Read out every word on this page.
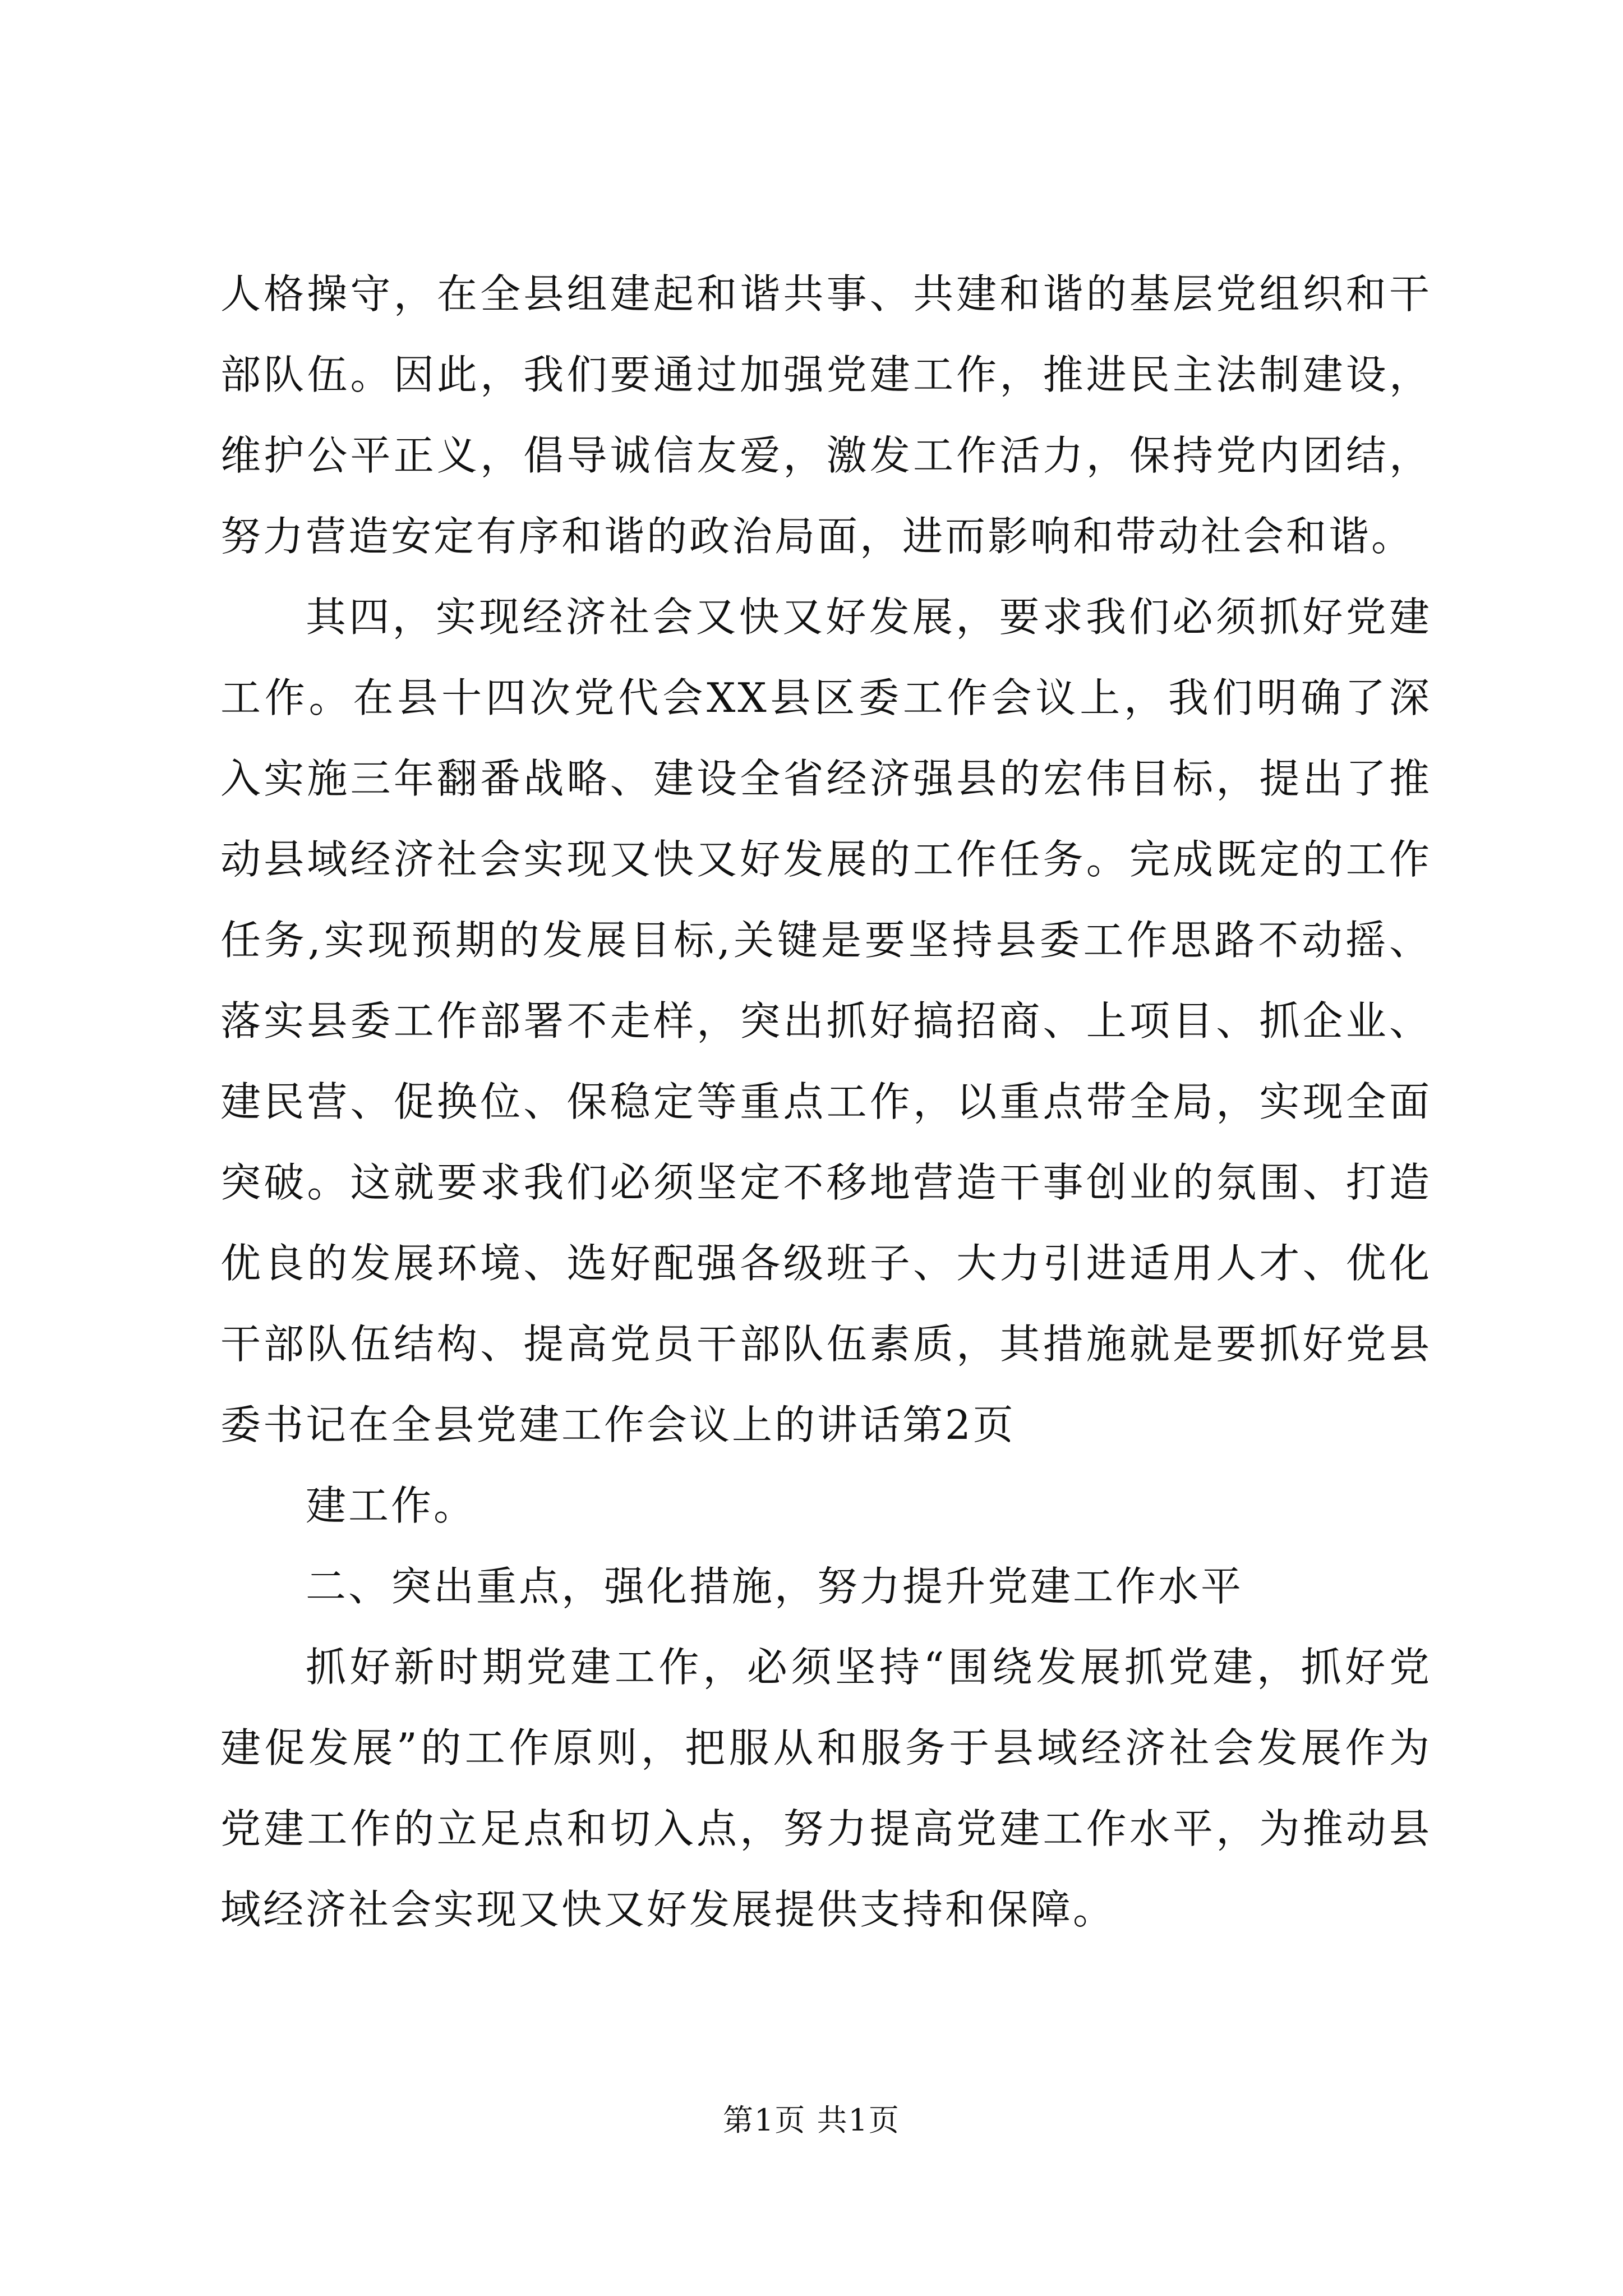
人格操守，在全县组建起和谐共事、共建和谐的基层党组织和干部队伍。因此，我们要通过加强党建工作，推进民主法制建设，维护公平正义，倡导诚信友爱，激发工作活力，保持党内团结，努力营造安定有序和谐的政治局面，进而影响和带动社会和谐。

其四，实现经济社会又快又好发展，要求我们必须抓好党建工作。在县十四次党代会XX县区委工作会议上，我们明确了深入实施三年翻番战略、建设全省经济强县的宏伟目标，提出了推动县域经济社会实现又快又好发展的工作任务。完成既定的工作任务,实现预期的发展目标,关键是要坚持县委工作思路不动摇、落实县委工作部署不走样，突出抓好搞招商、上项目、抓企业、建民营、促换位、保稳定等重点工作，以重点带全局，实现全面突破。这就要求我们必须坚定不移地营造干事创业的氛围、打造优良的发展环境、选好配强各级班子、大力引进适用人才、优化干部队伍结构、提高党员干部队伍素质，其措施就是要抓好党县委书记在全县党建工作会议上的讲话第2页

建工作。

二、突出重点，强化措施，努力提升党建工作水平

抓好新时期党建工作，必须坚持“围绕发展抓党建，抓好党建促发展”的工作原则，把服从和服务于县域经济社会发展作为党建工作的立足点和切入点，努力提高党建工作水平，为推动县域经济社会实现又快又好发展提供支持和保障。

第1页 共1页
